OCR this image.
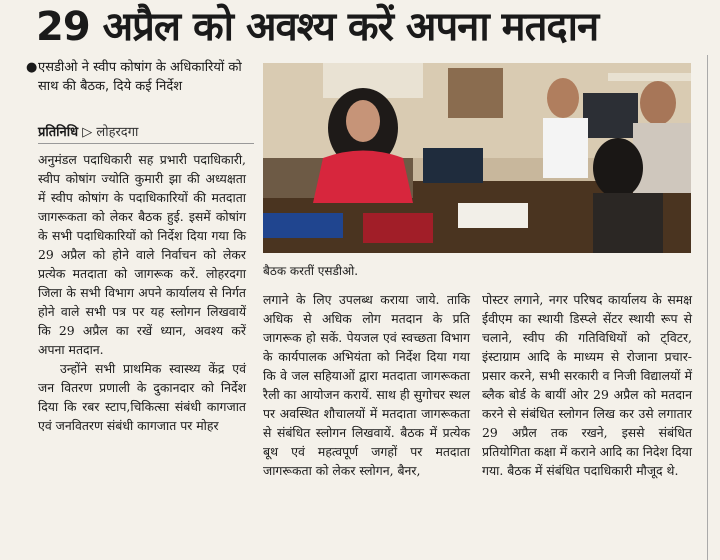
29 अप्रैल को अवश्य करें अपना मतदान
● एसडीओ ने स्वीप कोषांग के अधिकारियों को साथ की बैठक, दिये कई निर्देश
प्रतिनिधि ▷ लोहरदगा

अनुमंडल पदाधिकारी सह प्रभारी पदाधिकारी, स्वीप कोषांग ज्योति कुमारी झा की अध्यक्षता में स्वीप कोषांग के पदाधिकारियों की मतदाता जागरूकता को लेकर बैठक हुई. इसमें कोषांग के सभी पदाधिकारियों को निर्देश दिया गया कि 29 अप्रैल को होने वाले निर्वाचन को लेकर प्रत्येक मतदाता को जागरूक करें. लोहरदगा जिला के सभी विभाग अपने कार्यालय से निर्गत होने वाले सभी पत्र पर यह स्लोगन लिखवायें कि 29 अप्रैल का रखें ध्यान, अवश्य करें अपना मतदान.

उन्होंने सभी प्राथमिक स्वास्थ्य केंद्र एवं जन वितरण प्रणाली के दुकानदार को निर्देश दिया कि रबर स्टाप,चिकित्सा संबंधी कागजात एवं जनवितरण संबंधी कागजात पर मोहर

बैठक करतीं एसडीओ.

लगाने के लिए उपलब्ध कराया जाये. ताकि अधिक से अधिक लोग मतदान के प्रति जागरूक हो सकें. पेयजल एवं स्वच्छता विभाग के कार्यपालक अभियंता को निर्देश दिया गया कि वे जल सहियाओं द्वारा मतदाता जागरूकता रैली का आयोजन करायें. साथ ही सुगोचर स्थल पर अवस्थित शौचालयों में मतदाता जागरूकता से संबंधित स्लोगन लिखवायें. बैठक में प्रत्येक बूथ एवं महत्वपूर्ण जगहों पर मतदाता जागरूकता को लेकर स्लोगन, बैनर,

पोस्टर लगाने, नगर परिषद कार्यालय के समक्ष ईवीएम का स्थायी डिस्प्ले सेंटर स्थायी रूप से चलाने, स्वीप की गतिविधियों को ट्विटर, इंस्टाग्राम आदि के माध्यम से रोजाना प्रचार-प्रसार करने, सभी सरकारी व निजी विद्यालयों में ब्लैक बोर्ड के बायीं ओर 29 अप्रैल को मतदान करने से संबंधित स्लोगन लिख कर उसे लगातार 29 अप्रैल तक रखने, इससे संबंधित प्रतियोगिता कक्षा में कराने आदि का निदेश दिया गया. बैठक में संबंधित पदाधिकारी मौजूद थे.
